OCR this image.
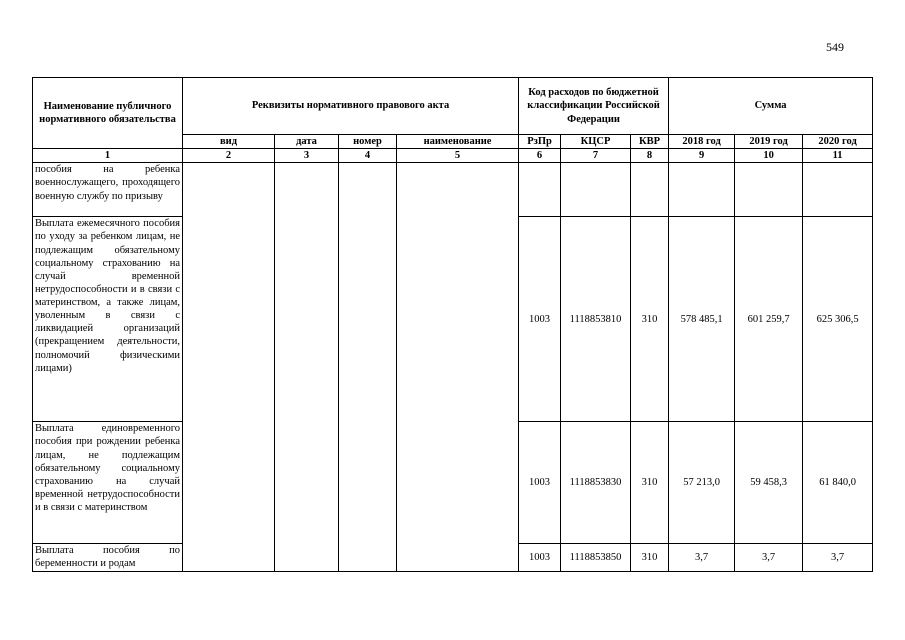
549
Наименование публичного нормативного обязательства	Реквизиты нормативного правового акта				Код расходов по бюджетной классификации Российской Федерации			Сумма		
	вид	дата	номер	наименование	РзПр	КЦСР	КВР	2018 год	2019 год	2020 год
1	2	3	4	5	6	7	8	9	10	11
пособия на ребенка военнослужащего, проходящего военную службу по призыву										
Выплата ежемесячного пособия по уходу за ребенком лицам, не подлежащим обязательному социальному страхованию на случай временной нетрудоспособности и в связи с материнством, а также лицам, уволенным в связи с ликвидацией организаций (прекращением деятельности, полномочий физическими лицами)					1003	1118853810	310	578 485,1	601 259,7	625 306,5
Выплата единовременного пособия при рождении ребенка лицам, не подлежащим обязательному социальному страхованию на случай временной нетрудоспособности и в связи с материнством					1003	1118853830	310	57 213,0	59 458,3	61 840,0
Выплата пособия по беременности и родам					1003	1118853850	310	3,7	3,7	3,7
